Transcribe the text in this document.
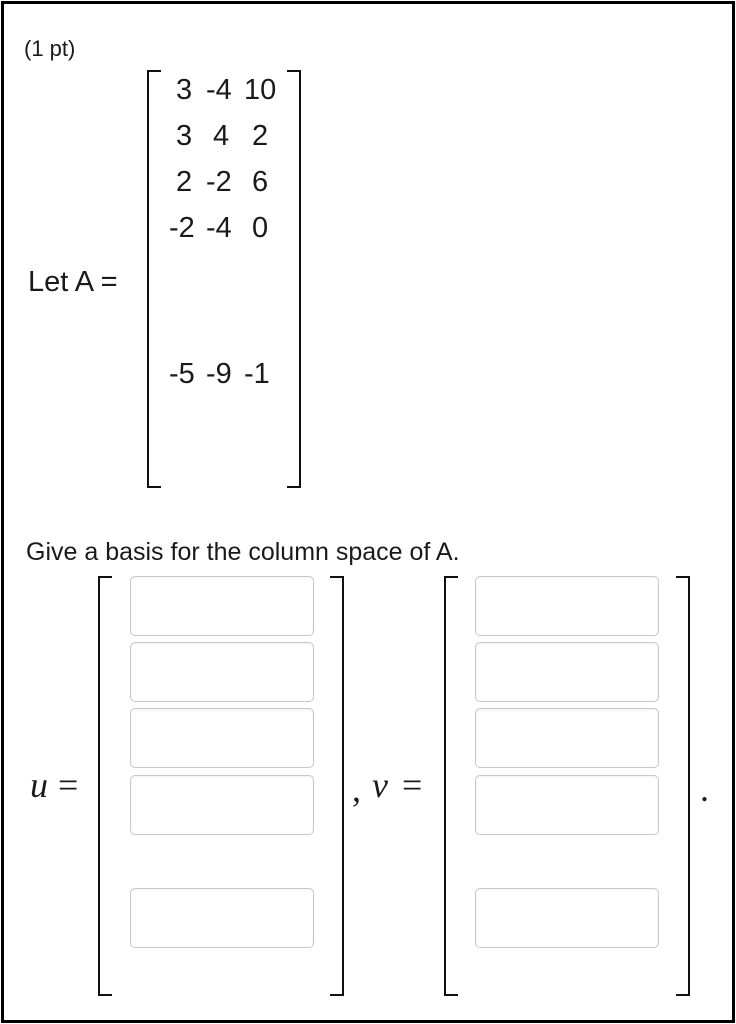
(1 pt)
Let A =
3 -4 10
3 4 2
2 -2 6
-2 -4 0
-5 -9 -1
Give a basis for the column space of A.
u =	, v =	.
